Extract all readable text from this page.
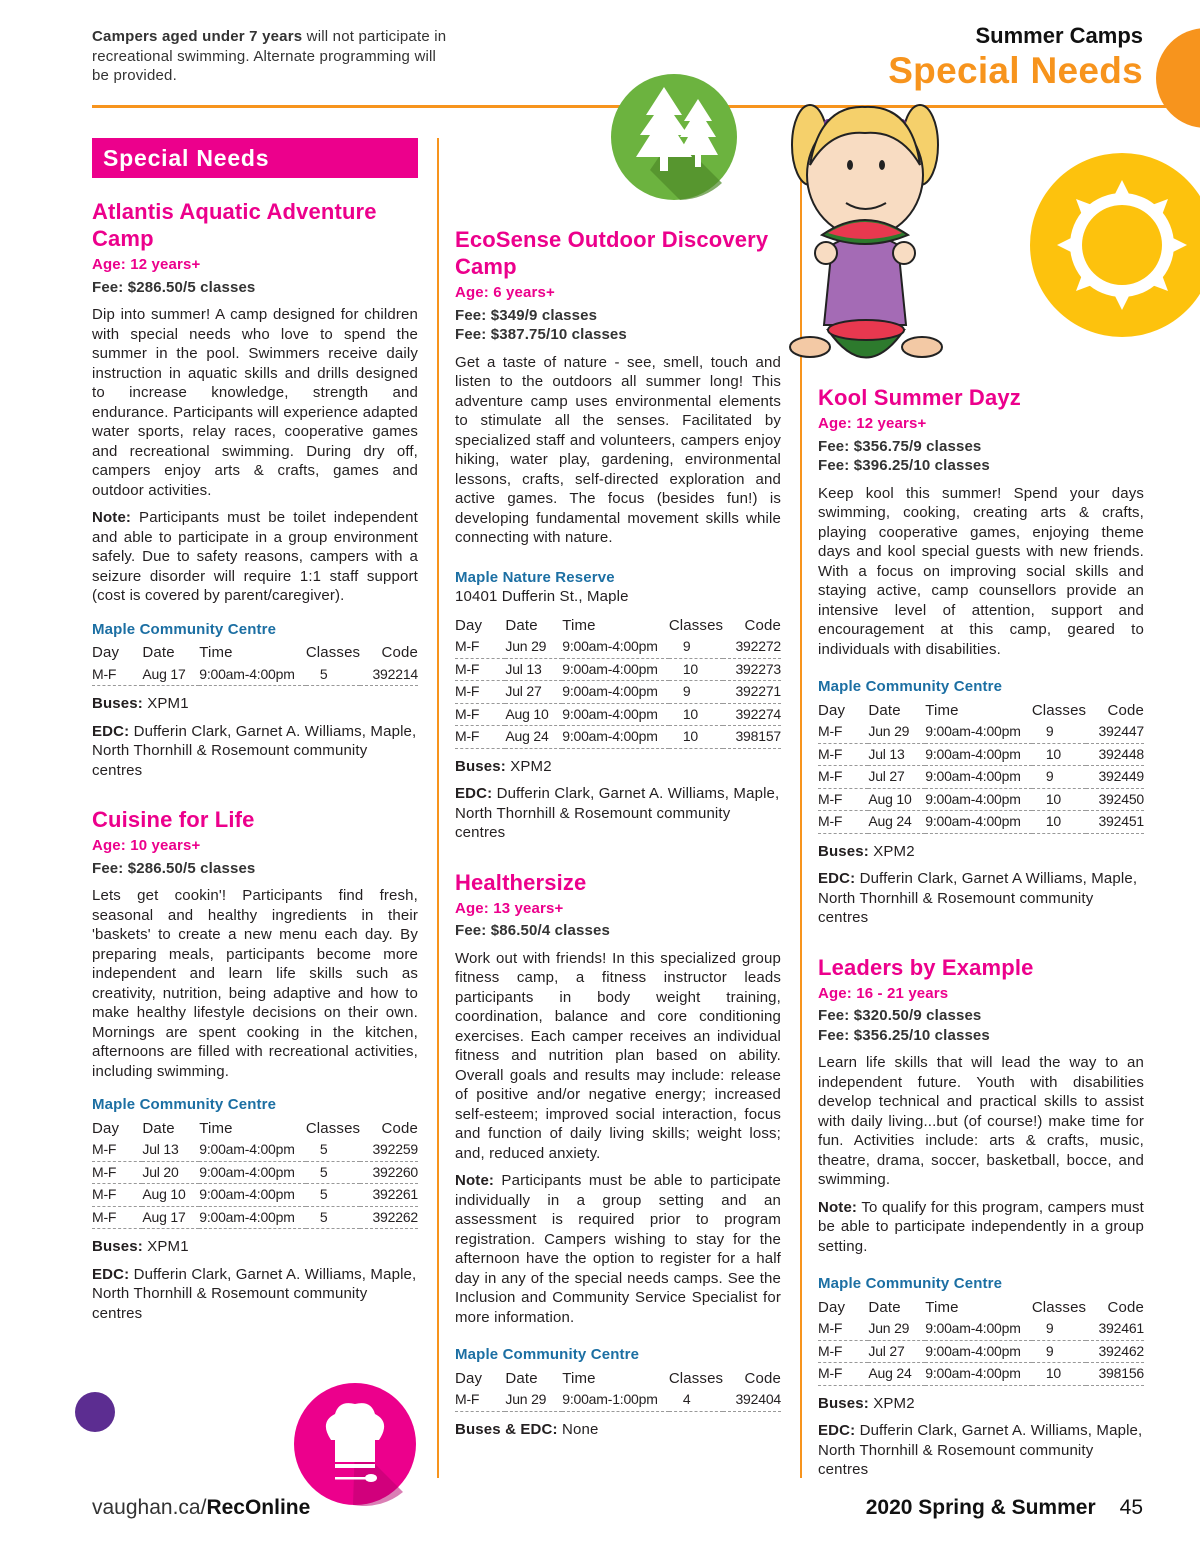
Campers aged under 7 years will not participate in recreational swimming. Alternate programming will be provided.
Summer Camps
Special Needs
Special Needs
Atlantis Aquatic Adventure Camp
Age: 12 years+
Fee: $286.50/5 classes
Dip into summer! A camp designed for children with special needs who love to spend the summer in the pool. Swimmers receive daily instruction in aquatic skills and drills designed to increase knowledge, strength and endurance. Participants will experience adapted water sports, relay races, cooperative games and recreational swimming. During dry off, campers enjoy arts & crafts, games and outdoor activities.
Note: Participants must be toilet independent and able to participate in a group environment safely. Due to safety reasons, campers with a seizure disorder will require 1:1 staff support (cost is covered by parent/caregiver).
Maple Community Centre
Day	Date	Time	Classes	Code
M-F	Aug 17	9:00am-4:00pm	5	392214
Buses: XPM1
EDC: Dufferin Clark, Garnet A. Williams, Maple, North Thornhill & Rosemount community centres
Cuisine for Life
Age: 10 years+
Fee: $286.50/5 classes
Lets get cookin'! Participants find fresh, seasonal and healthy ingredients in their 'baskets' to create a new menu each day. By preparing meals, participants become more independent and learn life skills such as creativity, nutrition, being adaptive and how to make healthy lifestyle decisions on their own. Mornings are spent cooking in the kitchen, afternoons are filled with recreational activities, including swimming.
Maple Community Centre
Day	Date	Time	Classes	Code
M-F	Jul 13	9:00am-4:00pm	5	392259
M-F	Jul 20	9:00am-4:00pm	5	392260
M-F	Aug 10	9:00am-4:00pm	5	392261
M-F	Aug 17	9:00am-4:00pm	5	392262
Buses: XPM1
EDC: Dufferin Clark, Garnet A. Williams, Maple, North Thornhill & Rosemount community centres
EcoSense Outdoor Discovery Camp
Age: 6 years+
Fee: $349/9 classes
Fee: $387.75/10 classes
Get a taste of nature - see, smell, touch and listen to the outdoors all summer long! This adventure camp uses environmental elements to stimulate all the senses. Facilitated by specialized staff and volunteers, campers enjoy hiking, water play, gardening, environmental lessons, crafts, self-directed exploration and active games. The focus (besides fun!) is developing fundamental movement skills while connecting with nature.
Maple Nature Reserve
10401 Dufferin St., Maple
Day	Date	Time	Classes	Code
M-F	Jun 29	9:00am-4:00pm	9	392272
M-F	Jul 13	9:00am-4:00pm	10	392273
M-F	Jul 27	9:00am-4:00pm	9	392271
M-F	Aug 10	9:00am-4:00pm	10	392274
M-F	Aug 24	9:00am-4:00pm	10	398157
Buses: XPM2
EDC: Dufferin Clark, Garnet A. Williams, Maple, North Thornhill & Rosemount community centres
Healthersize
Age: 13 years+
Fee: $86.50/4 classes
Work out with friends! In this specialized group fitness camp, a fitness instructor leads participants in body weight training, coordination, balance and core conditioning exercises. Each camper receives an individual fitness and nutrition plan based on ability. Overall goals and results may include: release of positive and/or negative energy; increased self-esteem; improved social interaction, focus and function of daily living skills; weight loss; and, reduced anxiety.
Note: Participants must be able to participate individually in a group setting and an assessment is required prior to program registration. Campers wishing to stay for the afternoon have the option to register for a half day in any of the special needs camps. See the Inclusion and Community Service Specialist for more information.
Maple Community Centre
Day	Date	Time	Classes	Code
M-F	Jun 29	9:00am-1:00pm	4	392404
Buses & EDC: None
Kool Summer Dayz
Age: 12 years+
Fee: $356.75/9 classes
Fee: $396.25/10 classes
Keep kool this summer! Spend your days swimming, cooking, creating arts & crafts, playing cooperative games, enjoying theme days and kool special guests with new friends. With a focus on improving social skills and staying active, camp counsellors provide an intensive level of attention, support and encouragement at this camp, geared to individuals with disabilities.
Maple Community Centre
Day	Date	Time	Classes	Code
M-F	Jun 29	9:00am-4:00pm	9	392447
M-F	Jul 13	9:00am-4:00pm	10	392448
M-F	Jul 27	9:00am-4:00pm	9	392449
M-F	Aug 10	9:00am-4:00pm	10	392450
M-F	Aug 24	9:00am-4:00pm	10	392451
Buses: XPM2
EDC: Dufferin Clark, Garnet A Williams, Maple, North Thornhill & Rosemount community centres
Leaders by Example
Age: 16 - 21 years
Fee: $320.50/9 classes
Fee: $356.25/10 classes
Learn life skills that will lead the way to an independent future. Youth with disabilities develop technical and practical skills to assist with daily living...but (of course!) make time for fun. Activities include: arts & crafts, music, theatre, drama, soccer, basketball, bocce, and swimming.
Note: To qualify for this program, campers must be able to participate independently in a group setting.
Maple Community Centre
Day	Date	Time	Classes	Code
M-F	Jun 29	9:00am-4:00pm	9	392461
M-F	Jul 27	9:00am-4:00pm	9	392462
M-F	Aug 24	9:00am-4:00pm	10	398156
Buses: XPM2
EDC: Dufferin Clark, Garnet A. Williams, Maple, North Thornhill & Rosemount community centres
vaughan.ca/RecOnline	2020 Spring & Summer 45
